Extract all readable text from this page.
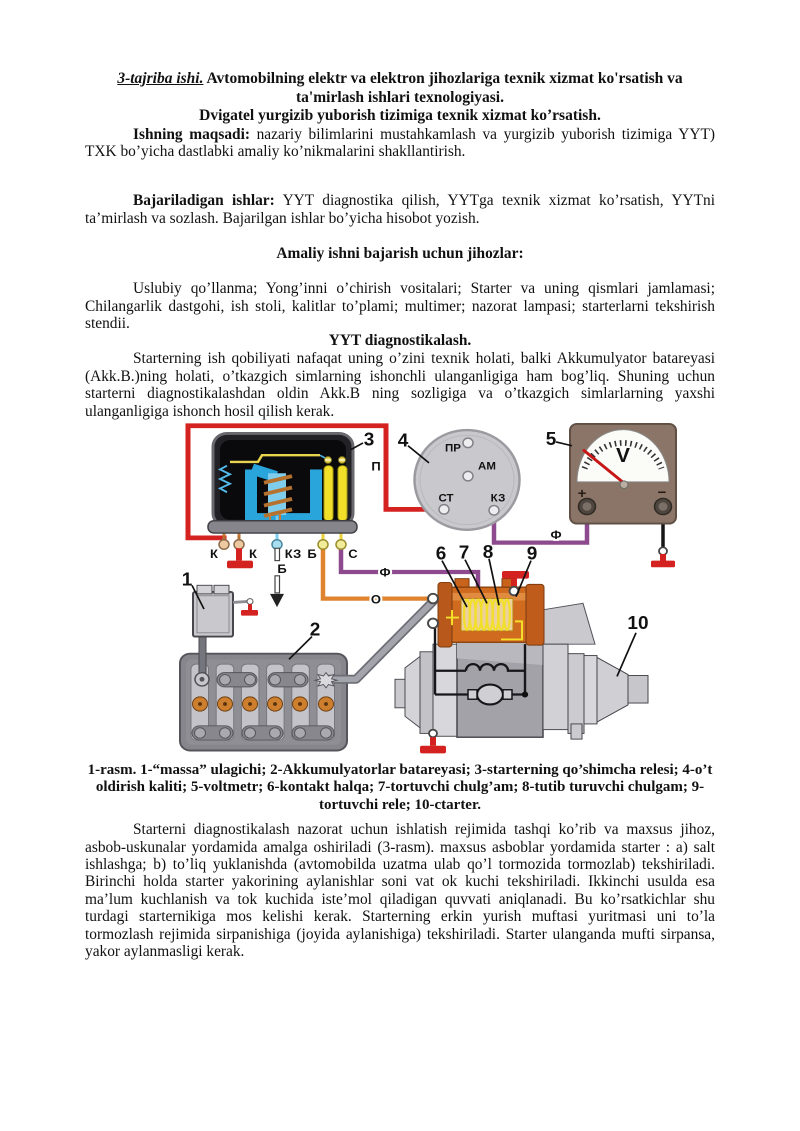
3-tajriba ishi. Avtomobilning elektr va elektron jihozlariga texnik xizmat ko'rsatish va ta'mirlash ishlari texnologiyasi.

Dvigatel yurgizib yuborish tizimiga texnik xizmat ko’rsatish.

Ishning maqsadi: nazariy bilimlarini mustahkamlash va yurgizib yuborish tizimiga YYT) TXK bo’yicha dastlabki amaliy ko’nikmalarini shakllantirish.

Bajariladigan ishlar: YYT diagnostika qilish, YYTga texnik xizmat ko’rsatish, YYTni ta’mirlash va sozlash. Bajarilgan ishlar bo’yicha hisobot yozish.

Amaliy ishni bajarish uchun jihozlar:

Uslubiy qo’llanma; Yong’inni o’chirish vositalari; Starter va uning qismlari jamlamasi; Chilangarlik dastgohi, ish stoli, kalitlar to’plami; multimer; nazorat lampasi; starterlarni tekshirish stendii.

YYT diagnostikalash.

Starterning ish qobiliyati nafaqat uning o’zini texnik holati, balki Akkumulyator batareyasi (Akk.B.)ning holati, o’tkazgich simlarning ishonchli ulanganligiga ham bog’liq. Shuning uchun starterni diagnostikalashdan oldin Akk.B ning sozligiga va o’tkazgich simlarlarning yaxshi ulanganligiga ishonch hosil qilish kerak.

1
2
3 4	5
6 7 8 9
10
К К КЗ Б С
Б
П
Ф
Ф
О
ПР
АМ
СТ	КЗ
V
+	−

1-rasm. 1-“massa” ulagichi; 2-Akkumulyatorlar batareyasi; 3-starterning qo’shimcha relesi; 4-o’t oldirish kaliti; 5-voltmetr; 6-kontakt halqa; 7-tortuvchi chulg’am; 8-tutib turuvchi chulgam; 9-tortuvchi rele; 10-ctarter.

Starterni diagnostikalash nazorat uchun ishlatish rejimida tashqi ko’rib va maxsus jihoz, asbob-uskunalar yordamida amalga oshiriladi (3-rasm). maxsus asboblar yordamida starter : a) salt ishlashga; b) to’liq yuklanishda (avtomobilda uzatma ulab qo’l tormozida tormozlab) tekshiriladi. Birinchi holda starter yakorining aylanishlar soni vat ok kuchi tekshiriladi. Ikkinchi usulda esa ma’lum kuchlanish va tok kuchida iste’mol qiladigan quvvati aniqlanadi. Bu ko’rsatkichlar shu turdagi starternikiga mos kelishi kerak. Starterning erkin yurish muftasi yuritmasi uni to’la tormozlash rejimida sirpanishiga (joyida aylanishiga) tekshiriladi. Starter ulanganda mufti sirpansa, yakor aylanmasligi kerak.
